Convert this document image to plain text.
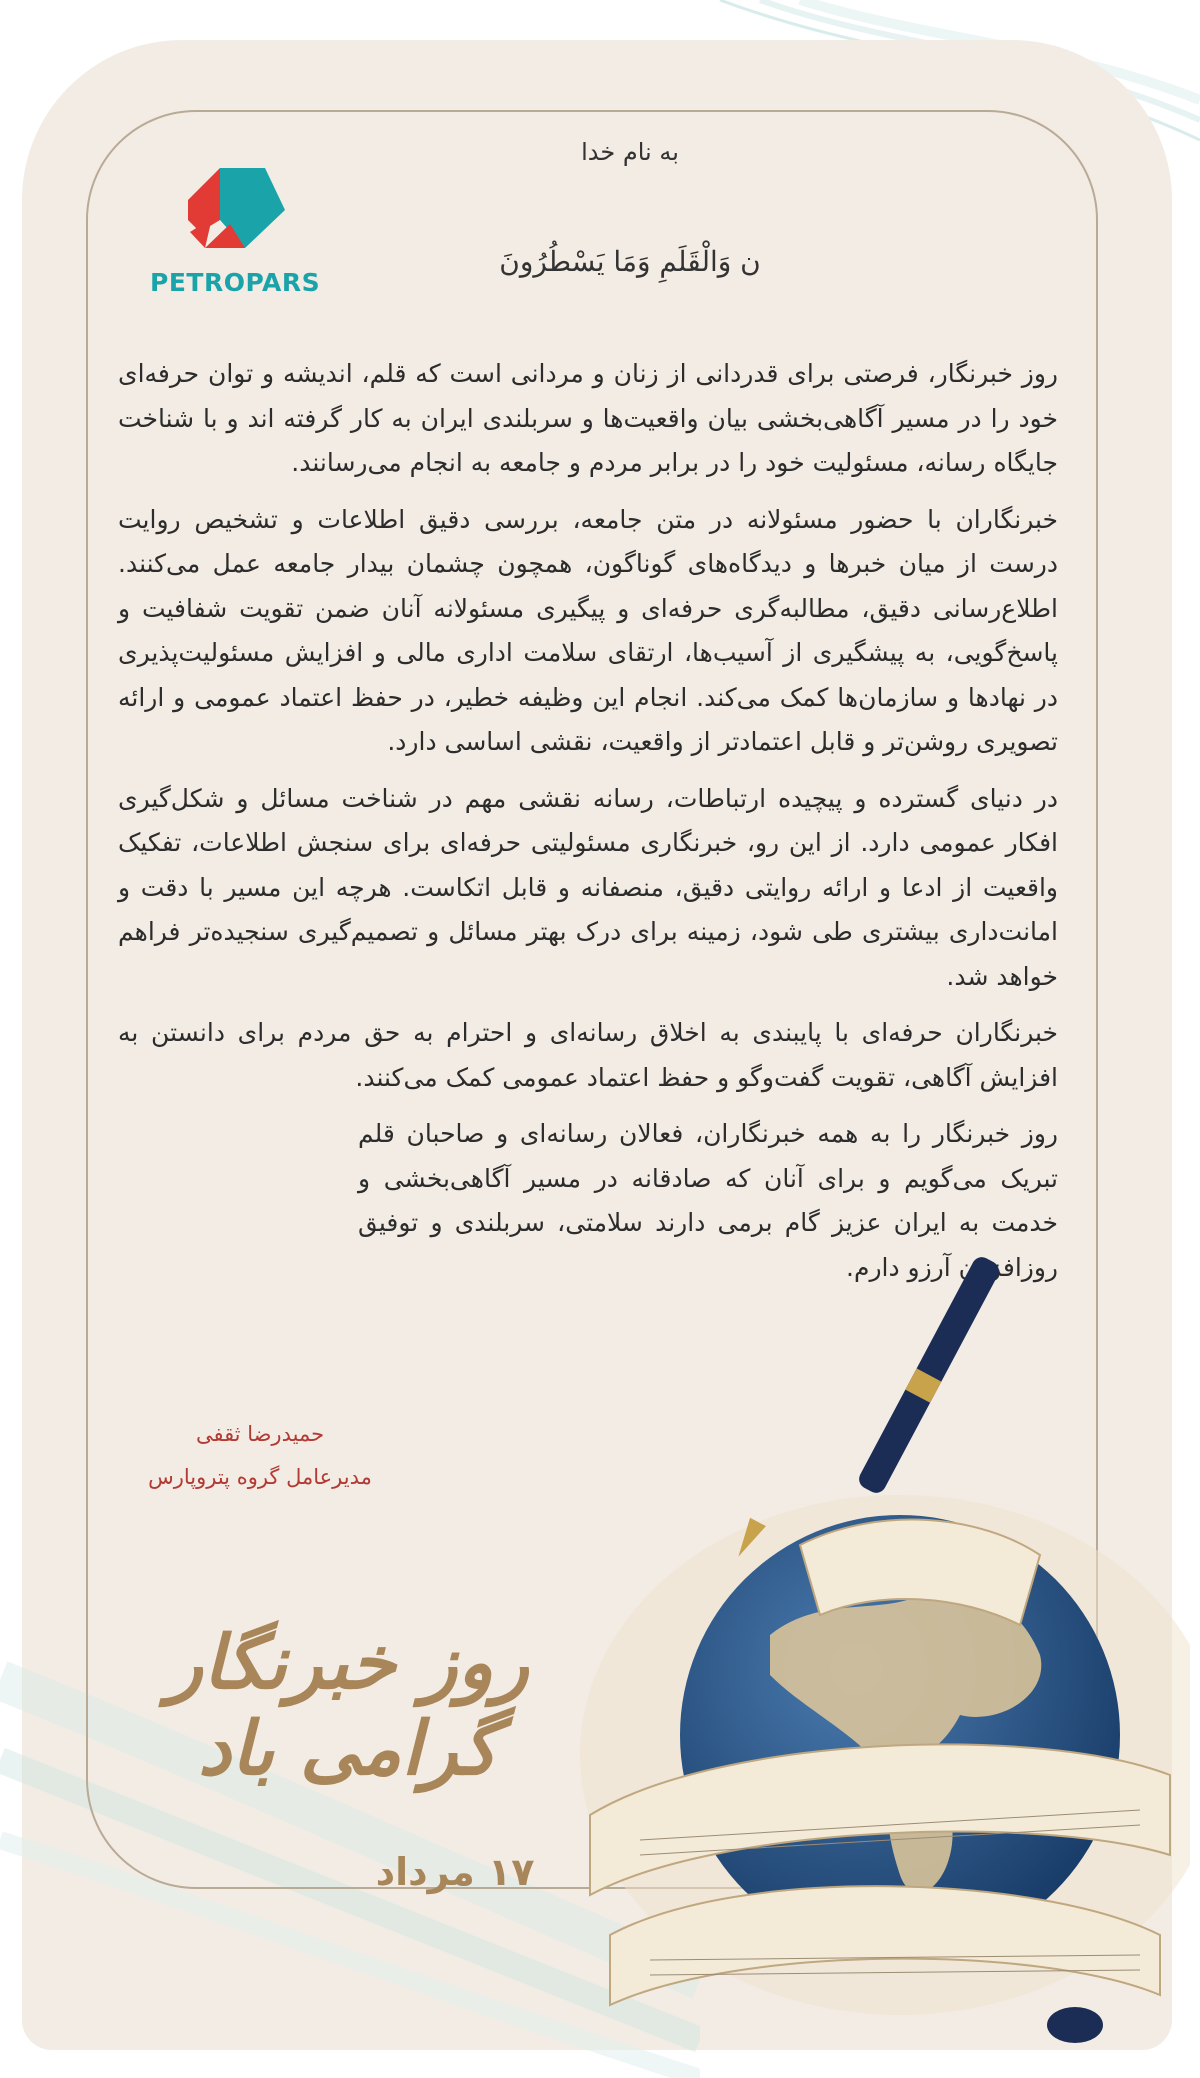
PETROPARS
به نام خدا
ن وَالْقَلَمِ وَمَا يَسْطُرُونَ

روز خبرنگار، فرصتی برای قدردانی از زنان و مردانی است که قلم، اندیشه و توان حرفه‌ای خود را در مسیر آگاهی‌بخشی بیان واقعیت‌ها و سربلندی ایران به کار گرفته اند و با شناخت جایگاه رسانه، مسئولیت خود را در برابر مردم و جامعه به انجام می‌رسانند.

خبرنگاران با حضور مسئولانه در متن جامعه، بررسی دقیق اطلاعات و تشخیص روایت درست از میان خبرها و دیدگاه‌های گوناگون، همچون چشمان بیدار جامعه عمل می‌کنند. اطلاع‌رسانی دقیق، مطالبه‌گری حرفه‌ای و پیگیری مسئولانه آنان ضمن تقویت شفافیت و پاسخ‌گویی، به پیشگیری از آسیب‌ها، ارتقای سلامت اداری مالی و افزایش مسئولیت‌پذیری در نهادها و سازمان‌ها کمک می‌کند. انجام این وظیفه خطیر، در حفظ اعتماد عمومی و ارائه تصویری روشن‌تر و قابل اعتمادتر از واقعیت، نقشی اساسی دارد.

در دنیای گسترده و پیچیده ارتباطات، رسانه نقشی مهم در شناخت مسائل و شکل‌گیری افکار عمومی دارد. از این رو، خبرنگاری مسئولیتی حرفه‌ای برای سنجش اطلاعات، تفکیک واقعیت از ادعا و ارائه روایتی دقیق، منصفانه و قابل اتکاست. هرچه این مسیر با دقت و امانت‌داری بیشتری طی شود، زمینه برای درک بهتر مسائل و تصمیم‌گیری سنجیده‌تر فراهم خواهد شد.

خبرنگاران حرفه‌ای با پایبندی به اخلاق رسانه‌ای و احترام به حق مردم برای دانستن به افزایش آگاهی، تقویت گفت‌وگو و حفظ اعتماد عمومی کمک می‌کنند.

روز خبرنگار را به همه خبرنگاران، فعالان رسانه‌ای و صاحبان قلم تبریک می‌گویم و برای آنان که صادقانه در مسیر آگاهی‌بخشی و خدمت به ایران عزیز گام برمی دارند سلامتی، سربلندی و توفیق روزافزون آرزو دارم.

حمیدرضا ثقفی
مدیرعامل گروه پتروپارس
روز خبرنگار گرامی باد
۱۷ مرداد
